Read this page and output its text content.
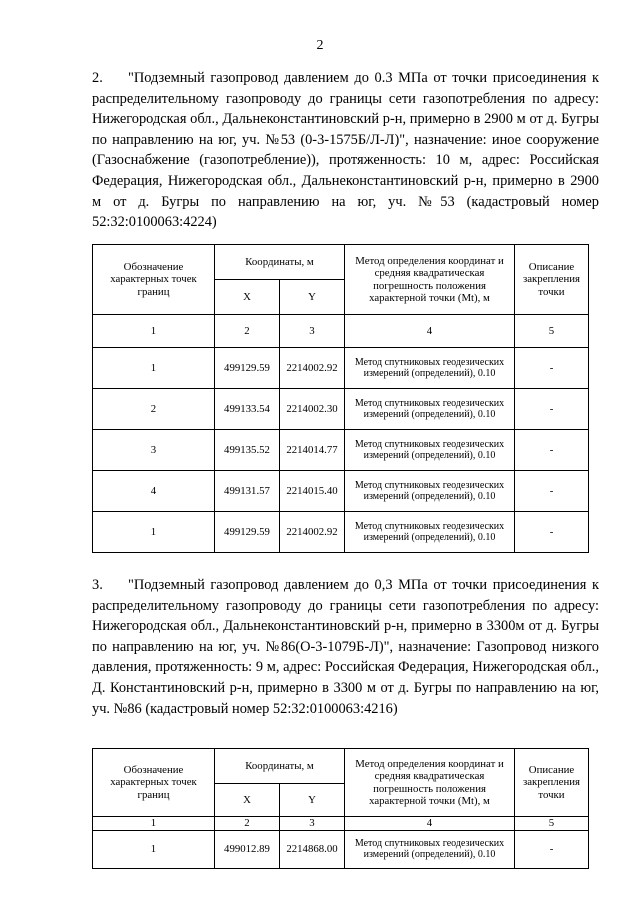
2
2. "Подземный газопровод давлением до 0.3 МПа от точки присоединения к распределительному газопроводу до границы сети газопотребления по адресу: Нижегородская обл., Дальнеконстантиновский р-н, примерно в 2900 м от д. Бугры по направлению на юг, уч. №53 (0-3-1575Б/Л-Л)", назначение: иное сооружение (Газоснабжение (газопотребление)), протяженность: 10 м, адрес: Российская Федерация, Нижегородская обл., Дальнеконстантиновский р-н, примерно в 2900 м от д. Бугры по направлению на юг, уч. №53 (кадастровый номер 52:32:0100063:4224)
Обозначение характерных точек границ	Координаты, м		Метод определения координат и средняя квадратическая погрешность положения характерной точки (Mt), м	Описание закрепления точки
	X	Y		
1	2	3	4	5
1	499129.59	2214002.92	Метод спутниковых геодезических измерений (определений), 0.10	-
2	499133.54	2214002.30	Метод спутниковых геодезических измерений (определений), 0.10	-
3	499135.52	2214014.77	Метод спутниковых геодезических измерений (определений), 0.10	-
4	499131.57	2214015.40	Метод спутниковых геодезических измерений (определений), 0.10	-
1	499129.59	2214002.92	Метод спутниковых геодезических измерений (определений), 0.10	-
3. "Подземный газопровод давлением до 0,3 МПа от точки присоединения к распределительному газопроводу до границы сети газопотребления по адресу: Нижегородская обл., Дальнеконстантиновский р-н, примерно в 3300м от д. Бугры по направлению на юг, уч. №86(О-3-1079Б-Л)", назначение: Газопровод низкого давления, протяженность: 9 м, адрес: Российская Федерация, Нижегородская обл., Д. Константиновский р-н, примерно в 3300 м от д. Бугры по направлению на юг, уч. №86 (кадастровый номер 52:32:0100063:4216)
Обозначение характерных точек границ	Координаты, м		Метод определения координат и средняя квадратическая погрешность положения характерной точки (Mt), м	Описание закрепления точки
	X	Y		
1	2	3	4	5
1	499012.89	2214868.00	Метод спутниковых геодезических измерений (определений), 0.10	-
